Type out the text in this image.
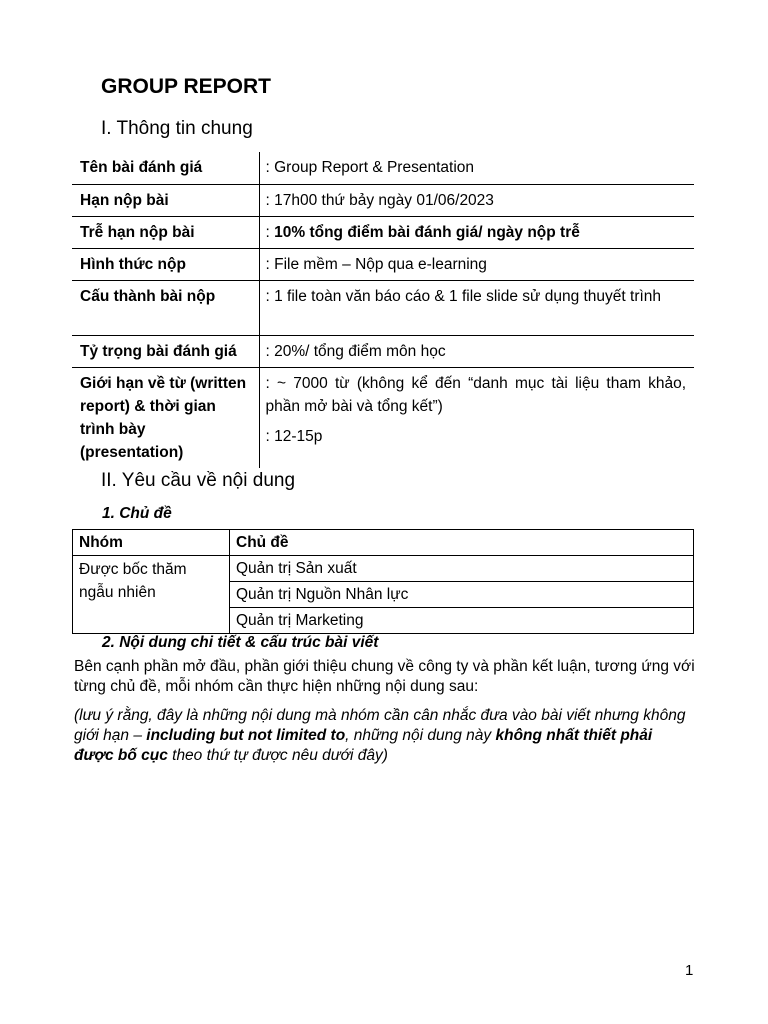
GROUP REPORT
I. Thông tin chung
Tên bài đánh giá	: Group Report & Presentation
Hạn nộp bài	: 17h00 thứ bảy ngày 01/06/2023
Trễ hạn nộp bài	: 10% tổng điểm bài đánh giá/ ngày nộp trễ
Hình thức nộp	: File mềm – Nộp qua e-learning
Cấu thành bài nộp	: 1 file toàn văn báo cáo & 1 file slide sử dụng thuyết trình
Tỷ trọng bài đánh giá	: 20%/ tổng điểm môn học
Giới hạn về từ (written report) & thời gian trình bày (presentation)	: ~ 7000 từ (không kể đến “danh mục tài liệu tham khảo, phần mở bài và tổng kết”)

: 12-15p

II. Yêu cầu về nội dung
1. Chủ đề
Nhóm	Chủ đề
Được bốc thăm ngẫu nhiên	Quản trị Sản xuất
	Quản trị Nguồn Nhân lực
	Quản trị Marketing
2. Nội dung chi tiết & cấu trúc bài viết
Bên cạnh phần mở đầu, phần giới thiệu chung về công ty và phần kết luận, tương ứng với từng chủ đề, mỗi nhóm cần thực hiện những nội dung sau:
(lưu ý rằng, đây là những nội dung mà nhóm cần cân nhắc đưa vào bài viết nhưng không giới hạn – including but not limited to, những nội dung này không nhất thiết phải được bố cục theo thứ tự được nêu dưới đây)
1
